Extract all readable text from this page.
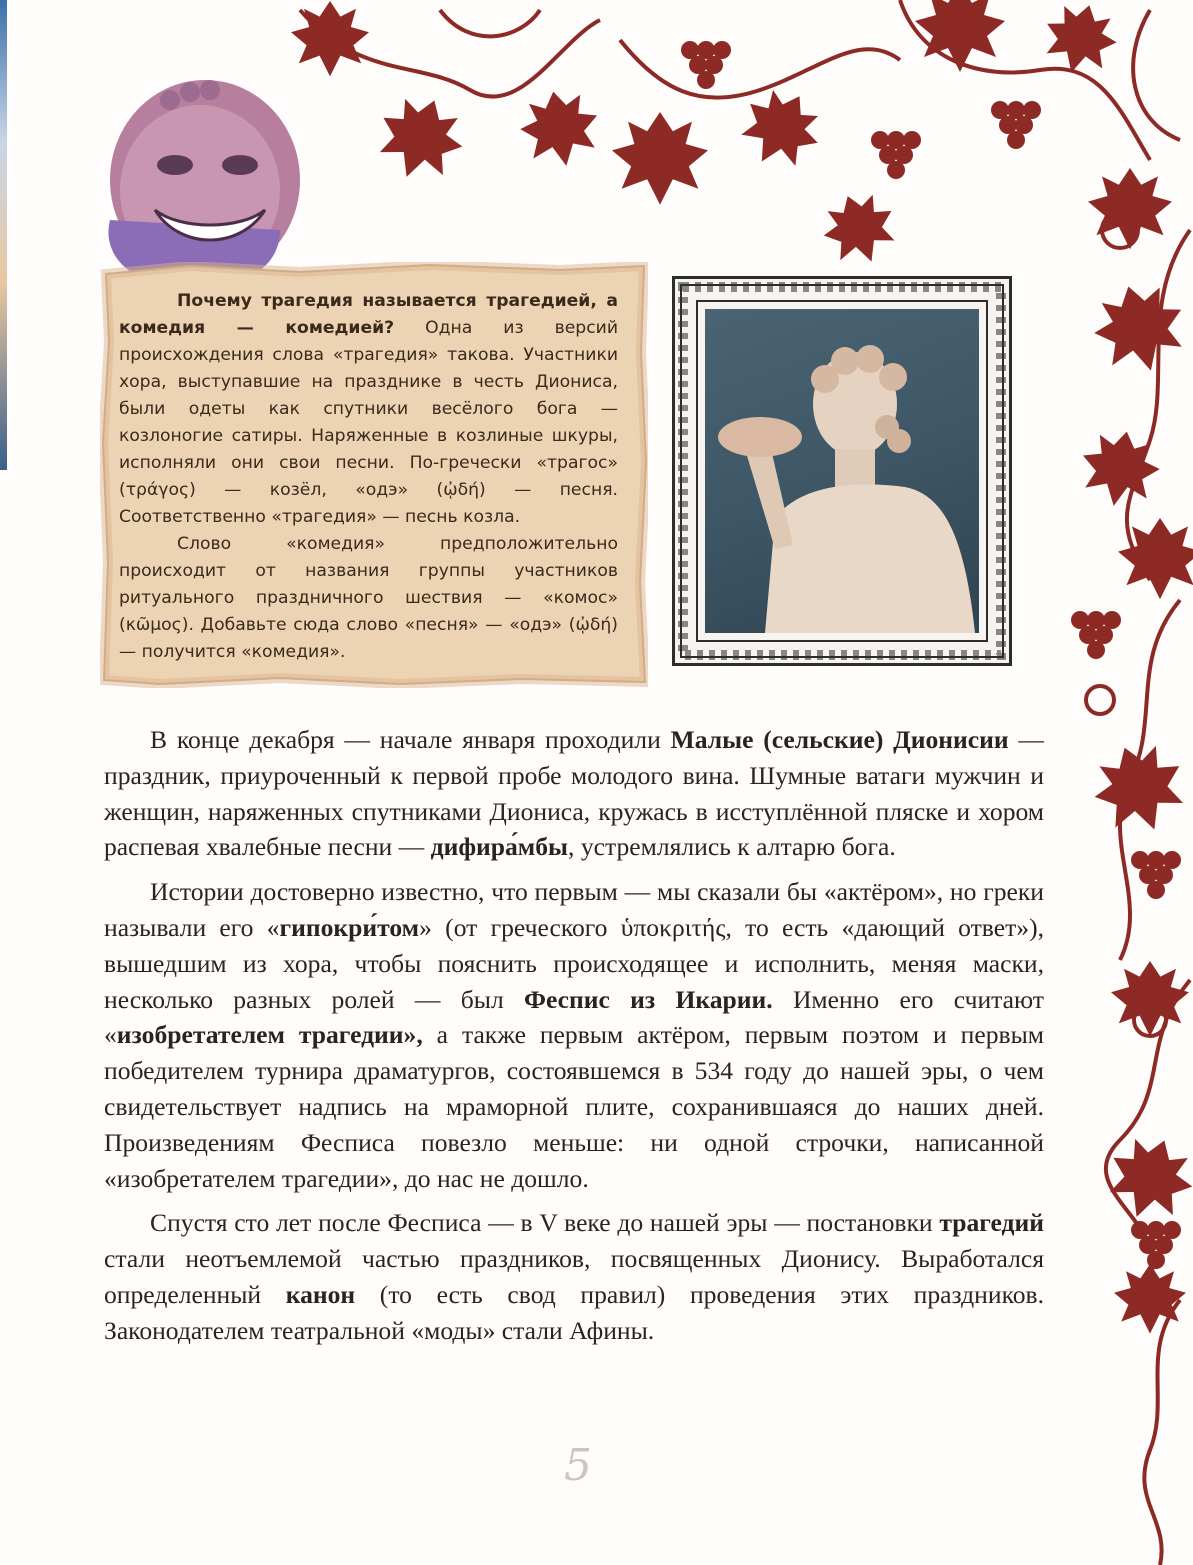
Почему трагедия называется трагедией, а комедия — комедией? Одна из версий происхождения слова «трагедия» такова. Участники хора, выступавшие на празднике в честь Диониса, были одеты как спутники весёлого бога — козлоногие сатиры. Наряженные в козлиные шкуры, исполняли они свои песни. По-гречески «трагос» (τράγος) — козёл, «одэ» (ᾠδή) — песня. Соответственно «трагедия» — песнь козла.

Слово «комедия» предположительно происходит от названия группы участников ритуального праздничного шествия — «комос» (κῶμος). Добавьте сюда слово «песня» — «одэ» (ᾠδή) — получится «комедия».

В конце декабря — начале января проходили Малые (сельские) Дионисии — праздник, приуроченный к первой пробе молодого вина. Шумные ватаги мужчин и женщин, наряженных спутниками Диониса, кружась в исступлённой пляске и хором распевая хвалебные песни — дифира́мбы, устремлялись к алтарю бога.

Истории достоверно известно, что первым — мы сказали бы «актёром», но греки называли его «гипокри́том» (от греческого ὑποκριτής, то есть «дающий ответ»), вышедшим из хора, чтобы пояснить происходящее и исполнить, меняя маски, несколько разных ролей — был Феспис из Икарии. Именно его считают «изобретателем трагедии», а также первым актёром, первым поэтом и первым победителем турнира драматургов, состоявшемся в 534 году до нашей эры, о чем свидетельствует надпись на мраморной плите, сохранившаяся до наших дней. Произведениям Фесписа повезло меньше: ни одной строчки, написанной «изобретателем трагедии», до нас не дошло.

Спустя сто лет после Фесписа — в V веке до нашей эры — постановки трагедий стали неотъемлемой частью праздников, посвященных Дионису. Выработался определенный канон (то есть свод правил) проведения этих праздников. Законодателем театральной «моды» стали Афины.

5
